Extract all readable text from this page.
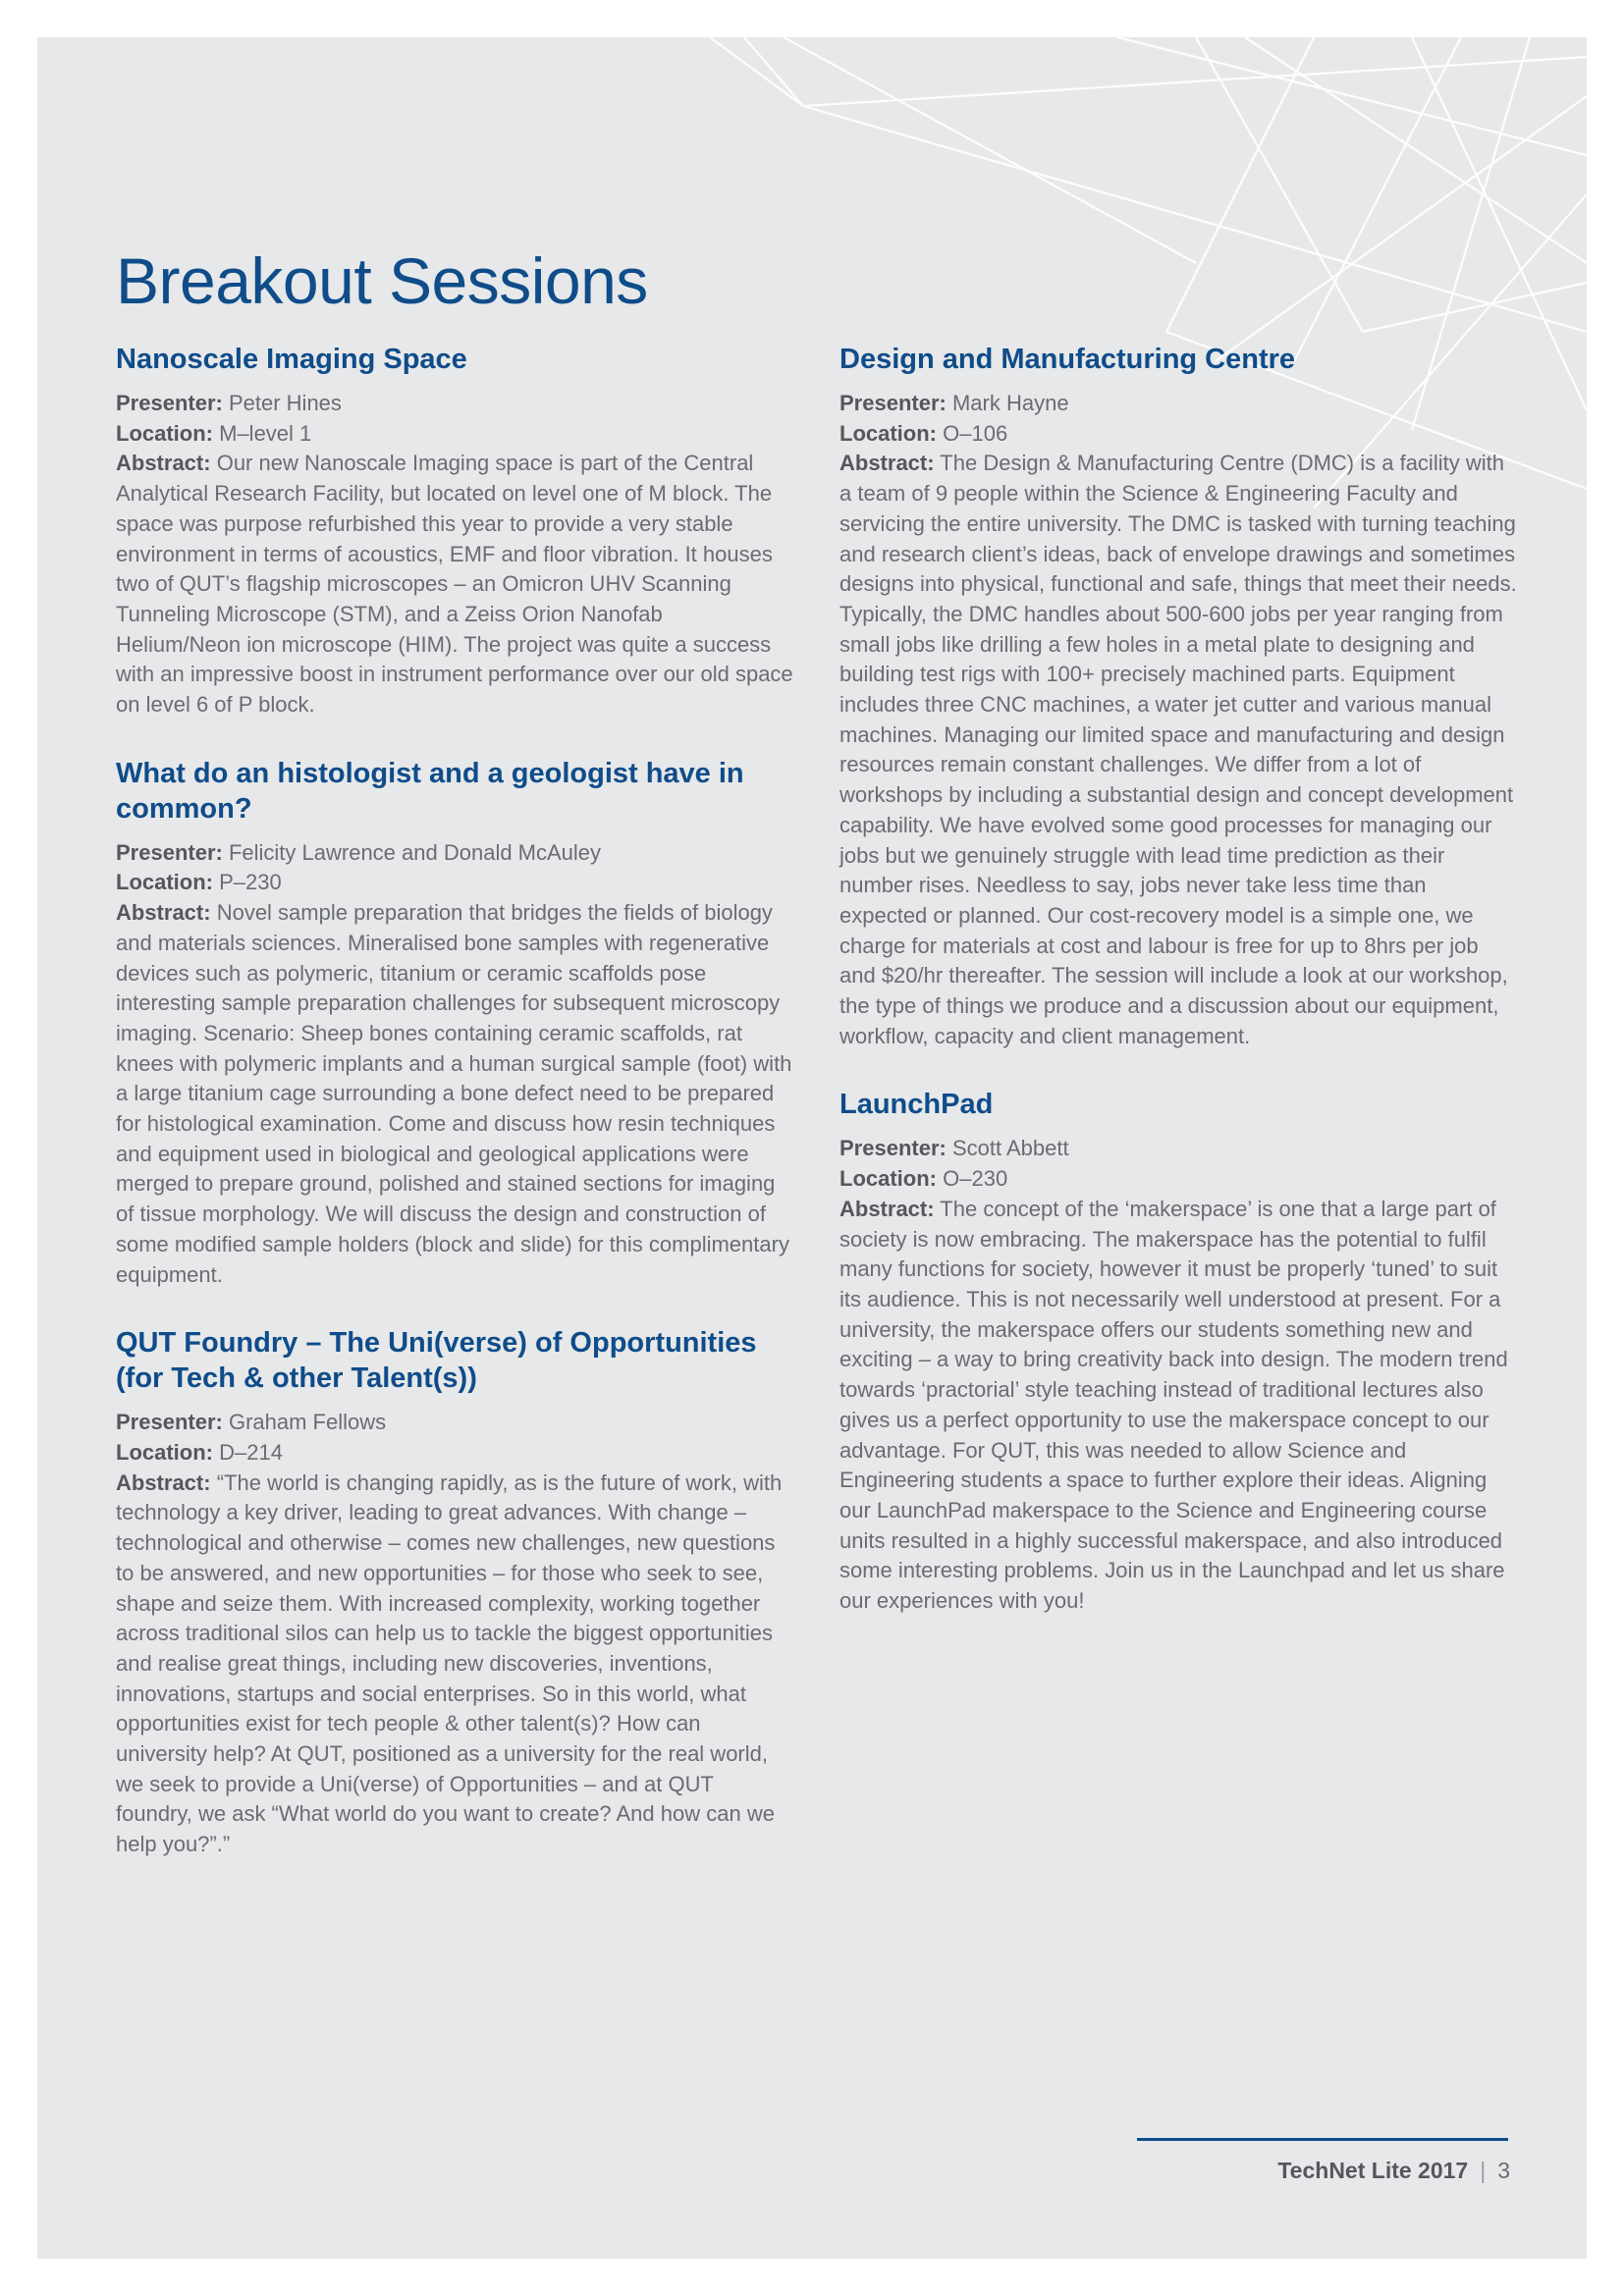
Breakout Sessions
Nanoscale Imaging Space

Presenter: Peter Hines

Location: M–level 1

Abstract: Our new Nanoscale Imaging space is part of the Central Analytical Research Facility, but located on level one of M block. The space was purpose refurbished this year to provide a very stable environment in terms of acoustics, EMF and floor vibration. It houses two of QUT’s flagship microscopes – an Omicron UHV Scanning Tunneling Microscope (STM), and a Zeiss Orion Nanofab Helium/Neon ion microscope (HIM). The project was quite a success with an impressive boost in instrument performance over our old space on level 6 of P block.

What do an histologist and a geologist have in common?

Presenter: Felicity Lawrence and Donald McAuley

Location: P–230

Abstract: Novel sample preparation that bridges the fields of biology and materials sciences. Mineralised bone samples with regenerative devices such as polymeric, titanium or ceramic scaffolds pose interesting sample preparation challenges for subsequent microscopy imaging. Scenario: Sheep bones containing ceramic scaffolds, rat knees with polymeric implants and a human surgical sample (foot) with a large titanium cage surrounding a bone defect need to be prepared for histological examination. Come and discuss how resin techniques and equipment used in biological and geological applications were merged to prepare ground, polished and stained sections for imaging of tissue morphology. We will discuss the design and construction of some modified sample holders (block and slide) for this complimentary equipment.

QUT Foundry – The Uni(verse) of Opportunities (for Tech & other Talent(s))

Presenter: Graham Fellows

Location: D–214

Abstract: “The world is changing rapidly, as is the future of work, with technology a key driver, leading to great advances. With change – technological and otherwise – comes new challenges, new questions to be answered, and new opportunities – for those who seek to see, shape and seize them. With increased complexity, working together across traditional silos can help us to tackle the biggest opportunities and realise great things, including new discoveries, inventions, innovations, startups and social enterprises. So in this world, what opportunities exist for tech people & other talent(s)? How can university help? At QUT, positioned as a university for the real world, we seek to provide a Uni(verse) of Opportunities – and at QUT foundry, we ask “What world do you want to create? And how can we help you?”.”

Design and Manufacturing Centre

Presenter: Mark Hayne

Location: O–106

Abstract: The Design & Manufacturing Centre (DMC) is a facility with a team of 9 people within the Science & Engineering Faculty and servicing the entire university. The DMC is tasked with turning teaching and research client’s ideas, back of envelope drawings and sometimes designs into physical, functional and safe, things that meet their needs. Typically, the DMC handles about 500-600 jobs per year ranging from small jobs like drilling a few holes in a metal plate to designing and building test rigs with 100+ precisely machined parts. Equipment includes three CNC machines, a water jet cutter and various manual machines. Managing our limited space and manufacturing and design resources remain constant challenges. We differ from a lot of workshops by including a substantial design and concept development capability. We have evolved some good processes for managing our jobs but we genuinely struggle with lead time prediction as their number rises. Needless to say, jobs never take less time than expected or planned. Our cost-recovery model is a simple one, we charge for materials at cost and labour is free for up to 8hrs per job and $20/hr thereafter. The session will include a look at our workshop, the type of things we produce and a discussion about our equipment, workflow, capacity and client management.

LaunchPad

Presenter: Scott Abbett

Location: O–230

Abstract: The concept of the ‘makerspace’ is one that a large part of society is now embracing. The makerspace has the potential to fulfil many functions for society, however it must be properly ‘tuned’ to suit its audience. This is not necessarily well understood at present. For a university, the makerspace offers our students something new and exciting – a way to bring creativity back into design. The modern trend towards ‘practorial’ style teaching instead of traditional lectures also gives us a perfect opportunity to use the makerspace concept to our advantage. For QUT, this was needed to allow Science and Engineering students a space to further explore their ideas. Aligning our LaunchPad makerspace to the Science and Engineering course units resulted in a highly successful makerspace, and also introduced some interesting problems. Join us in the Launchpad and let us share our experiences with you!

TechNet Lite 2017 | 3
